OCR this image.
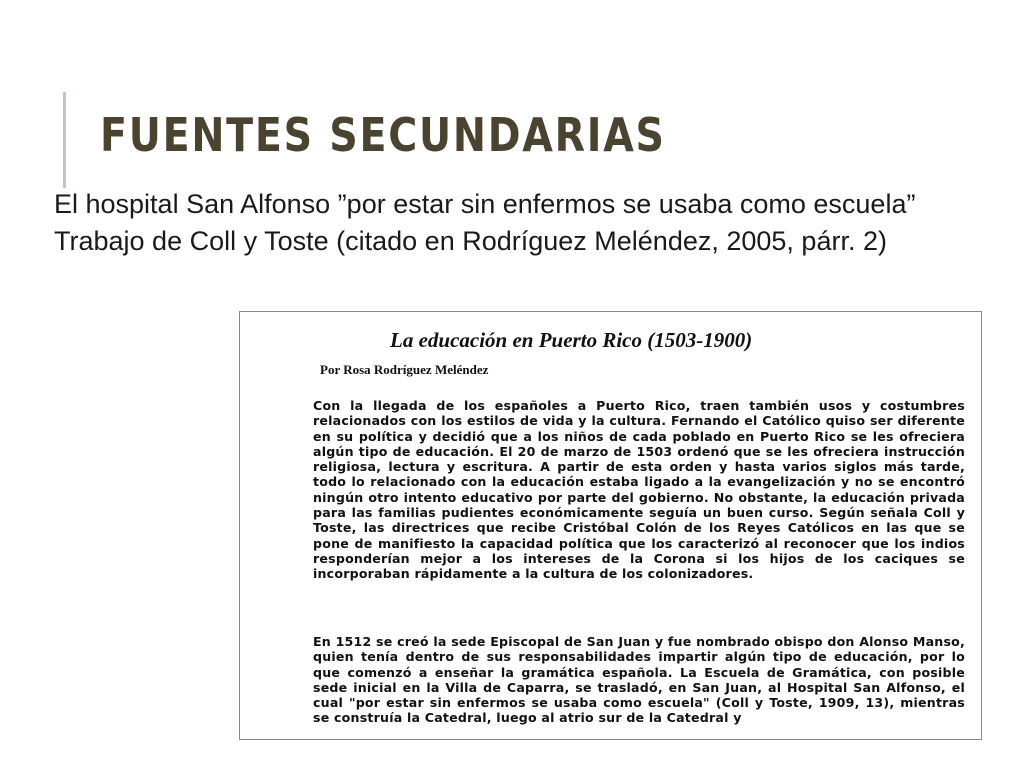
FUENTES SECUNDARIAS

El hospital San Alfonso ”por estar sin enfermos se usaba como escuela” Trabajo de Coll y Toste (citado en Rodríguez Meléndez, 2005, párr. 2)

La educación en Puerto Rico (1503-1900)

Por Rosa Rodríguez Meléndez

Con la llegada de los españoles a Puerto Rico, traen también usos y costumbres relacionados con los estilos de vida y la cultura. Fernando el Católico quiso ser diferente en su política y decidió que a los niños de cada poblado en Puerto Rico se les ofreciera algún tipo de educación. El 20 de marzo de 1503 ordenó que se les ofreciera instrucción religiosa, lectura y escritura. A partir de esta orden y hasta varios siglos más tarde, todo lo relacionado con la educación estaba ligado a la evangelización y no se encontró ningún otro intento educativo por parte del gobierno. No obstante, la educación privada para las familias pudientes económicamente seguía un buen curso. Según señala Coll y Toste, las directrices que recibe Cristóbal Colón de los Reyes Católicos en las que se pone de manifiesto la capacidad política que los caracterizó al reconocer que los indios responderían mejor a los intereses de la Corona si los hijos de los caciques se incorporaban rápidamente a la cultura de los colonizadores.

En 1512 se creó la sede Episcopal de San Juan y fue nombrado obispo don Alonso Manso, quien tenía dentro de sus responsabilidades impartir algún tipo de educación, por lo que comenzó a enseñar la gramática española. La Escuela de Gramática, con posible sede inicial en la Villa de Caparra, se trasladó, en San Juan, al Hospital San Alfonso, el cual "por estar sin enfermos se usaba como escuela" (Coll y Toste, 1909, 13), mientras se construía la Catedral, luego al atrio sur de la Catedral y
